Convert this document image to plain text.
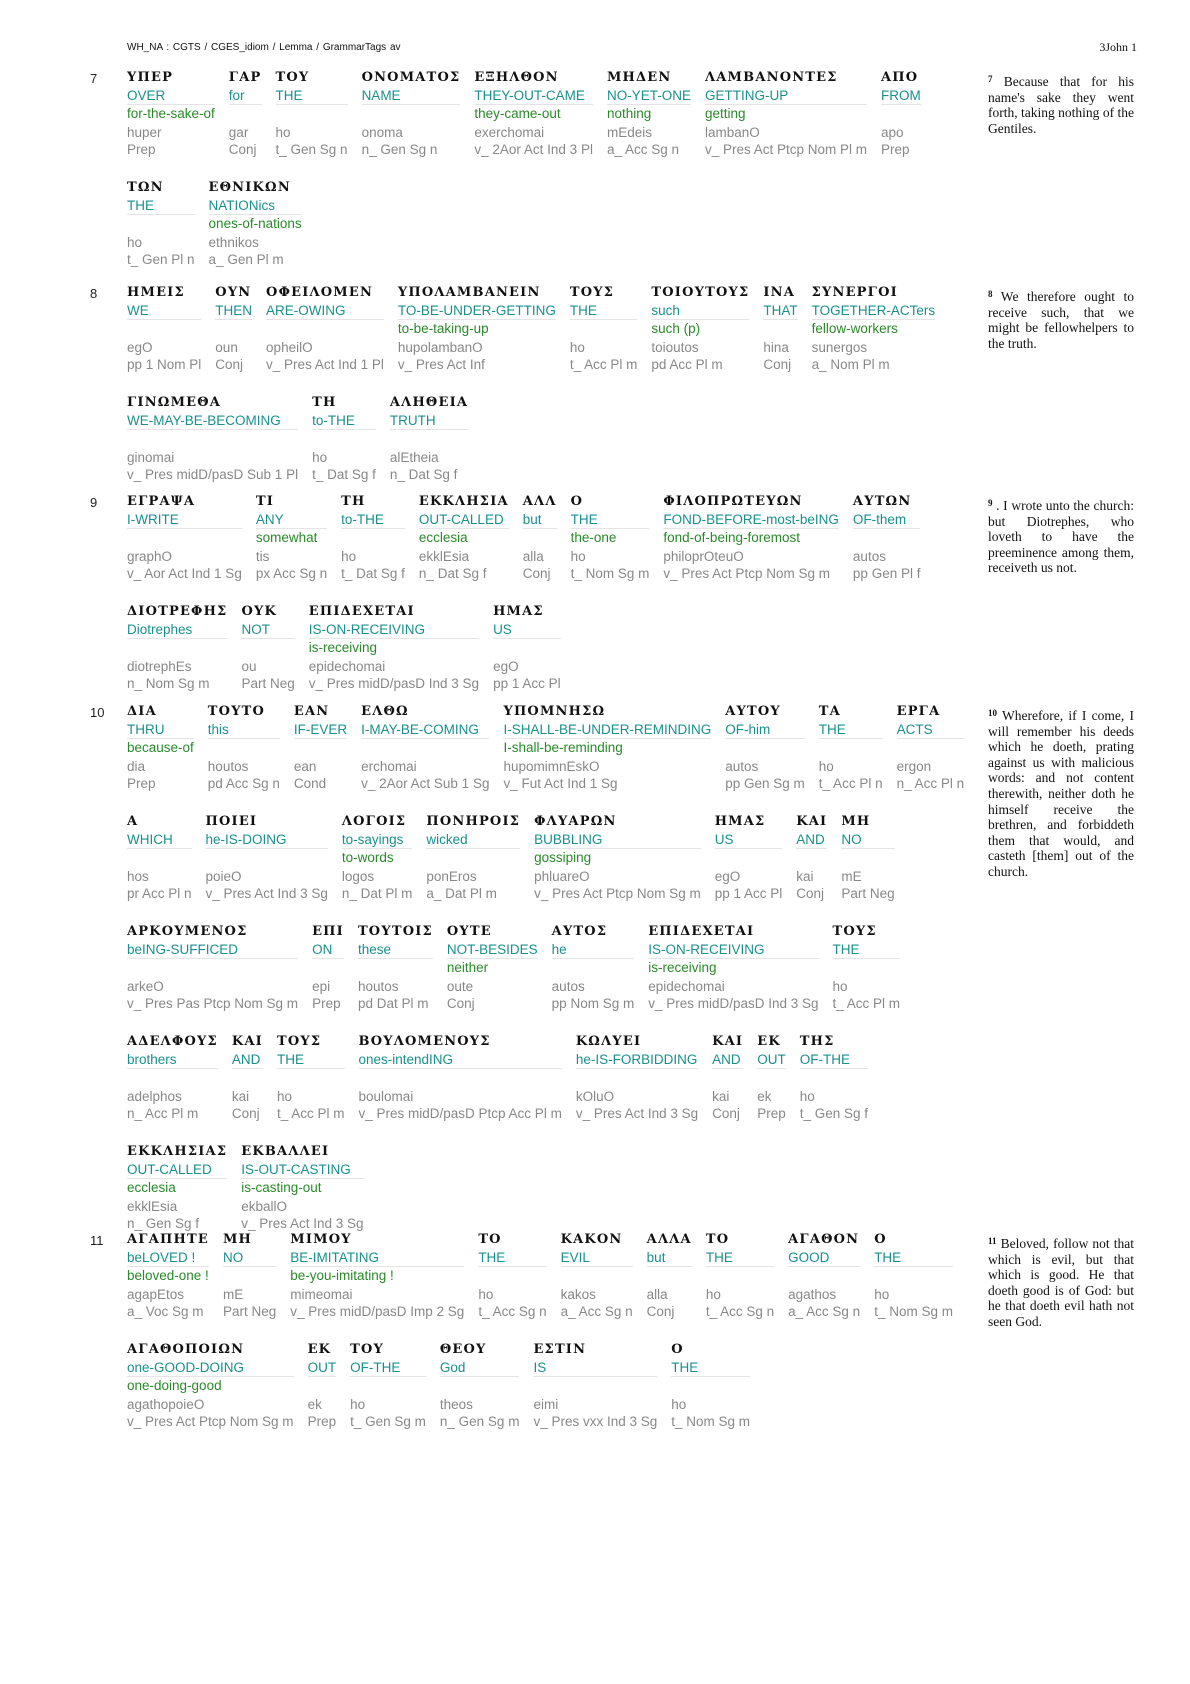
WH_NA : CGTS / CGES_idiom / Lemma / GrammarTags av	3John 1
7 ΥΠΕΡ
OVER
for-the-sake-of
huper
Prep
ΓΑΡ
for
gar
Conj
ΤΟΥ
THE
ho
t_ Gen Sg n
ΟΝΟΜΑΤΟΣ
NAME
onoma
n_ Gen Sg n
ΕΞΗΛΘΟΝ
THEY-OUT-CAME
they-came-out
exerchomai
v_ 2Aor Act Ind 3 Pl
ΜΗΔΕΝ
NO-YET-ONE
nothing
mEdeis
a_ Acc Sg n
ΛΑΜΒΑΝΟΝΤΕΣ
GETTING-UP
getting
lambanO
v_ Pres Act Ptcp Nom Pl m
ΑΠΟ
FROM
apo
Prep
ΤΩΝ
THE
ho
t_ Gen Pl n
ΕΘΝΙΚΩΝ
NATIONics
ones-of-nations
ethnikos
a_ Gen Pl m
$^7$ Because that for his name's sake they went forth, taking nothing of the Gentiles.
8 ΗΜΕΙΣ
WE
egO
pp 1 Nom Pl
ΟΥΝ
THEN
oun
Conj
ΟΦΕΙΛΟΜΕΝ
ARE-OWING
opheilO
v_ Pres Act Ind 1 Pl
ΥΠΟΛΑΜΒΑΝΕΙΝ
TO-BE-UNDER-GETTING
to-be-taking-up
hupolambanO
v_ Pres Act Inf
ΤΟΥΣ
THE
ho
t_ Acc Pl m
ΤΟΙΟΥΤΟΥΣ
such
such (p)
toioutos
pd Acc Pl m
ΙΝΑ
THAT
hina
Conj
ΣΥΝΕΡΓΟΙ
TOGETHER-ACTers
fellow-workers
sunergos
a_ Nom Pl m
ΓΙΝΩΜΕΘΑ
WE-MAY-BE-BECOMING
ginomai
v_ Pres midD/pasD Sub 1 Pl
ΤΗ
to-THE
ho
t_ Dat Sg f
ΑΛΗΘΕΙΑ
TRUTH
alEtheia
n_ Dat Sg f
$^8$ We therefore ought to receive such, that we might be fellowhelpers to the truth.
9 ΕΓΡΑΨΑ
I-WRITE
graphO
v_ Aor Act Ind 1 Sg
ΤΙ
ANY
somewhat
tis
px Acc Sg n
ΤΗ
to-THE
ho
t_ Dat Sg f
ΕΚΚΛΗΣΙΑ
OUT-CALLED
ecclesia
ekklEsia
n_ Dat Sg f
ΑΛΛ
but
alla
Conj
Ο
THE
the-one
ho
t_ Nom Sg m
ΦΙΛΟΠΡΩΤΕΥΩΝ
FOND-BEFORE-most-beING
fond-of-being-foremost
philoprOteuO
v_ Pres Act Ptcp Nom Sg m
ΑΥΤΩΝ
OF-them
autos
pp Gen Pl f
ΔΙΟΤΡΕΦΗΣ
Diotrephes
diotrephEs
n_ Nom Sg m
ΟΥΚ
NOT
ou
Part Neg
ΕΠΙΔΕΧΕΤΑΙ
IS-ON-RECEIVING
is-receiving
epidechomai
v_ Pres midD/pasD Ind 3 Sg
ΗΜΑΣ
US
egO
pp 1 Acc Pl
$^9$ . I wrote unto the church: but Diotrephes, who loveth to have the preeminence among them, receiveth us not.
10 ΔΙΑ
THRU
because-of
dia
Prep
ΤΟΥΤΟ
this
houtos
pd Acc Sg n
ΕΑΝ
IF-EVER
ean
Cond
ΕΛΘΩ
I-MAY-BE-COMING
erchomai
v_ 2Aor Act Sub 1 Sg
ΥΠΟΜΝΗΣΩ
I-SHALL-BE-UNDER-REMINDING
I-shall-be-reminding
hupomimnEskO
v_ Fut Act Ind 1 Sg
ΑΥΤΟΥ
OF-him
autos
pp Gen Sg m
ΤΑ
THE
ho
t_ Acc Pl n
ΕΡΓΑ
ACTS
ergon
n_ Acc Pl n
Α
WHICH
hos
pr Acc Pl n
ΠΟΙΕΙ
he-IS-DOING
poieO
v_ Pres Act Ind 3 Sg
ΛΟΓΟΙΣ
to-sayings
to-words
logos
n_ Dat Pl m
ΠΟΝΗΡΟΙΣ
wicked
ponEros
a_ Dat Pl m
ΦΛΥΑΡΩΝ
BUBBLING
gossiping
phluareO
v_ Pres Act Ptcp Nom Sg m
ΗΜΑΣ
US
egO
pp 1 Acc Pl
ΚΑΙ
AND
kai
Conj
ΜΗ
NO
mE
Part Neg
ΑΡΚΟΥΜΕΝΟΣ
beING-SUFFICED
arkeO
v_ Pres Pas Ptcp Nom Sg m
ΕΠΙ
ON
epi
Prep
ΤΟΥΤΟΙΣ
these
houtos
pd Dat Pl m
ΟΥΤΕ
NOT-BESIDES
neither
oute
Conj
ΑΥΤΟΣ
he
autos
pp Nom Sg m
ΕΠΙΔΕΧΕΤΑΙ
IS-ON-RECEIVING
is-receiving
epidechomai
v_ Pres midD/pasD Ind 3 Sg
ΤΟΥΣ
THE
ho
t_ Acc Pl m
ΑΔΕΛΦΟΥΣ
brothers
adelphos
n_ Acc Pl m
ΚΑΙ
AND
kai
Conj
ΤΟΥΣ
THE
ho
t_ Acc Pl m
ΒΟΥΛΟΜΕΝΟΥΣ
ones-intendING
boulomai
v_ Pres midD/pasD Ptcp Acc Pl m
ΚΩΛΥΕΙ
he-IS-FORBIDDING
kOluO
v_ Pres Act Ind 3 Sg
ΚΑΙ
AND
kai
Conj
ΕΚ
OUT
ek
Prep
ΤΗΣ
OF-THE
ho
t_ Gen Sg f
ΕΚΚΛΗΣΙΑΣ
OUT-CALLED
ecclesia
ekklEsia
n_ Gen Sg f
ΕΚΒΑΛΛΕΙ
IS-OUT-CASTING
is-casting-out
ekballO
v_ Pres Act Ind 3 Sg
$^{10}$ Wherefore, if I come, I will remember his deeds which he doeth, prating against us with malicious words: and not content therewith, neither doth he himself receive the brethren, and forbiddeth them that would, and casteth [them] out of the church.
11 ΑΓΑΠΗΤΕ
beLOVED !
beloved-one !
agapEtos
a_ Voc Sg m
ΜΗ
NO
mE
Part Neg
ΜΙΜΟΥ
BE-IMITATING
be-you-imitating !
mimeomai
v_ Pres midD/pasD Imp 2 Sg
ΤΟ
THE
ho
t_ Acc Sg n
ΚΑΚΟΝ
EVIL
kakos
a_ Acc Sg n
ΑΛΛΑ
but
alla
Conj
ΤΟ
THE
ho
t_ Acc Sg n
ΑΓΑΘΟΝ
GOOD
agathos
a_ Acc Sg n
Ο
THE
ho
t_ Nom Sg m
ΑΓΑΘΟΠΟΙΩΝ
one-GOOD-DOING
one-doing-good
agathopoieO
v_ Pres Act Ptcp Nom Sg m
ΕΚ
OUT
ek
Prep
ΤΟΥ
OF-THE
ho
t_ Gen Sg m
ΘΕΟΥ
God
theos
n_ Gen Sg m
ΕΣΤΙΝ
IS
eimi
v_ Pres vxx Ind 3 Sg
Ο
THE
ho
t_ Nom Sg m
$^{11}$ Beloved, follow not that which is evil, but that which is good. He that doeth good is of God: but he that doeth evil hath not seen God.
